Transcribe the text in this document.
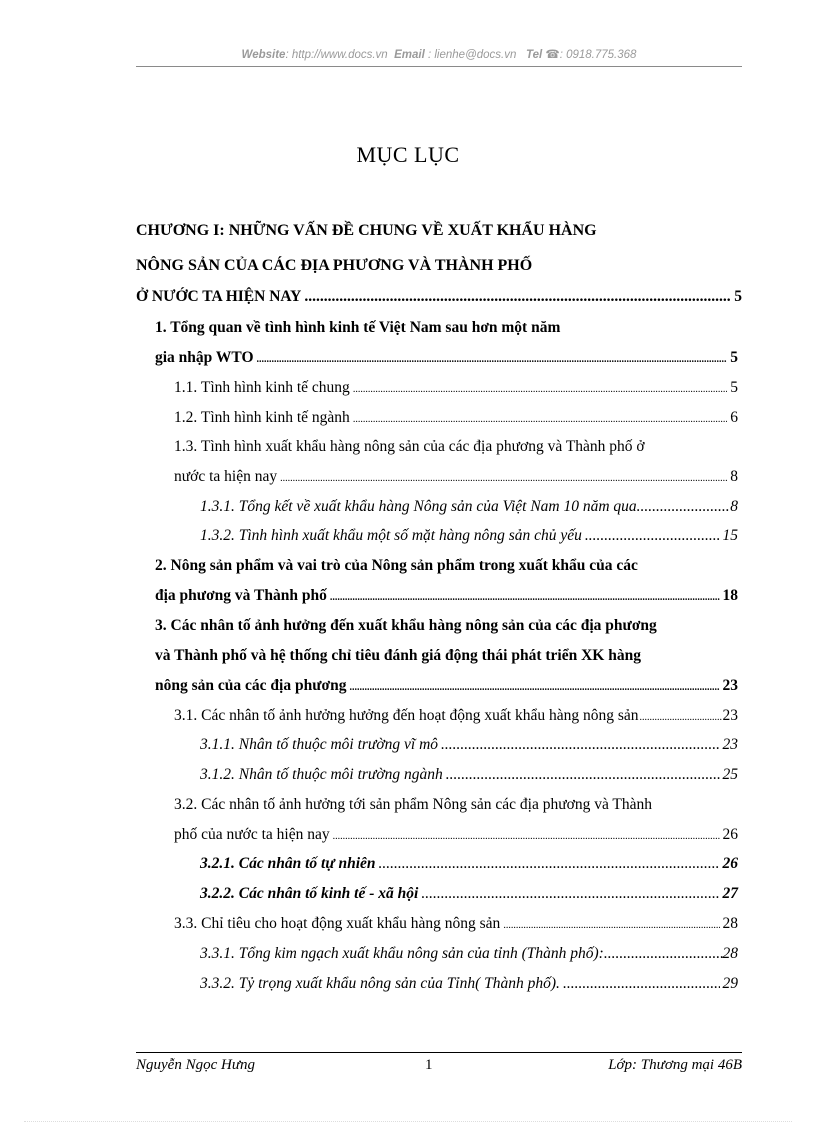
Website: http://www.docs.vn Email : lienhe@docs.vn Tel ☎: 0918.775.368
MỤC LỤC
CHƯƠNG I: NHỮNG VẤN ĐỀ CHUNG VỀ XUẤT KHẨU HÀNG
NÔNG SẢN CỦA CÁC ĐỊA PHƯƠNG VÀ THÀNH PHỐ
Ở NƯỚC TA HIỆN NAY .....	5
1. Tổng quan về tình hình kinh tế Việt Nam sau hơn một năm
gia nhập WTO .....	5
1.1. Tình hình kinh tế chung .....	5
1.2. Tình hình kinh tế ngành .....	6
1.3. Tình hình xuất khẩu hàng nông sản của các địa phương và Thành phố ở
nước ta hiện nay .....	8
1.3.1. Tổng kết về xuất khẩu hàng Nông sản của Việt Nam 10 năm qua .....	8
1.3.2. Tình hình xuất khẩu một số mặt hàng nông sản chủ yếu .....	15
2. Nông sản phẩm và vai trò của Nông sản phẩm trong xuất khẩu của các
địa phương và Thành phố .....	18
3. Các nhân tố ảnh hưởng đến xuất khẩu hàng nông sản của các địa phương
và Thành phố và hệ thống chỉ tiêu đánh giá động thái phát triển XK hàng
nông sản của các địa phương .....	23
3.1. Các nhân tố ảnh hưởng hưởng đến hoạt động xuất khẩu hàng nông sản .....	23
3.1.1. Nhân tố thuộc môi trường vĩ mô .....	23
3.1.2. Nhân tố thuộc môi trường ngành .....	25
3.2. Các nhân tố ảnh hưởng tới sản phẩm Nông sản các địa phương và Thành
phố của nước ta hiện nay .....	26
3.2.1. Các nhân tố tự nhiên .....	26
3.2.2. Các nhân tố kinh tế - xã hội .....	27
3.3. Chỉ tiêu cho hoạt động xuất khẩu hàng nông sản .....	28
3.3.1. Tổng kim ngạch xuất khẩu nông sản của tỉnh (Thành phố): .....	28
3.3.2. Tỷ trọng xuất khẩu nông sản của Tỉnh( Thành phố). .....	29
Nguyễn Ngọc Hưng	1	Lớp: Thương mại 46B
